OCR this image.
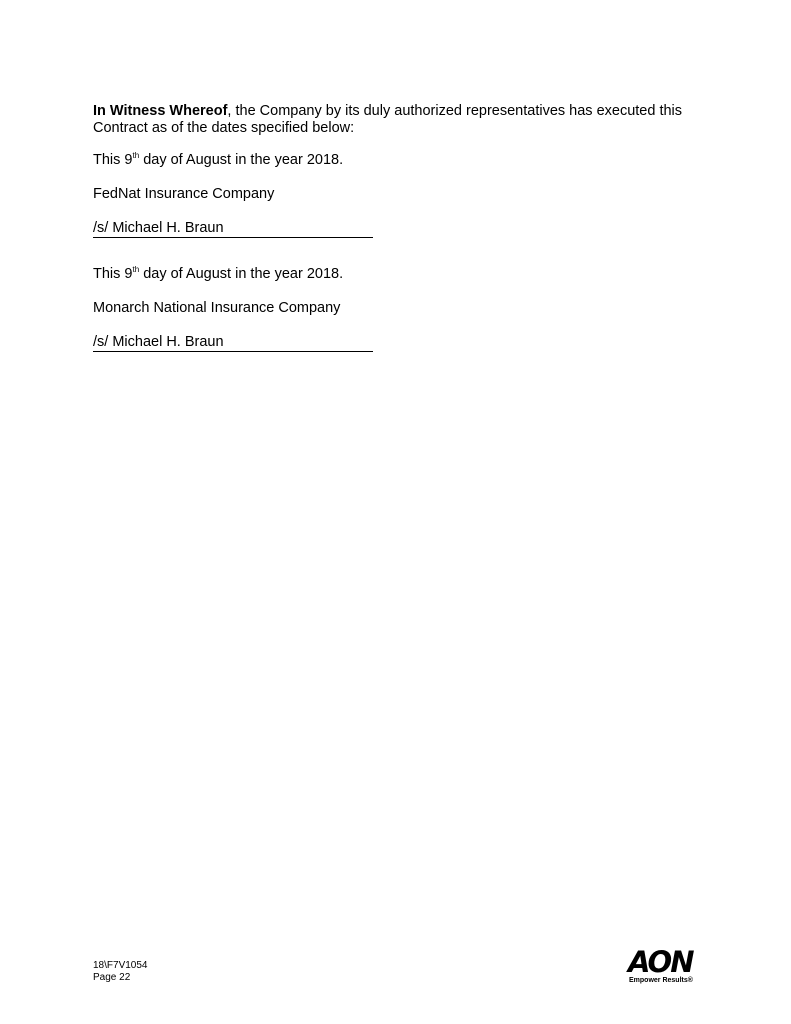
In Witness Whereof, the Company by its duly authorized representatives has executed this Contract as of the dates specified below:
This 9th day of August in the year 2018.
FedNat Insurance Company
/s/ Michael H. Braun
This 9th day of August in the year 2018.
Monarch National Insurance Company
/s/ Michael H. Braun
18\F7V1054
Page 22	AON
Empower Results®
